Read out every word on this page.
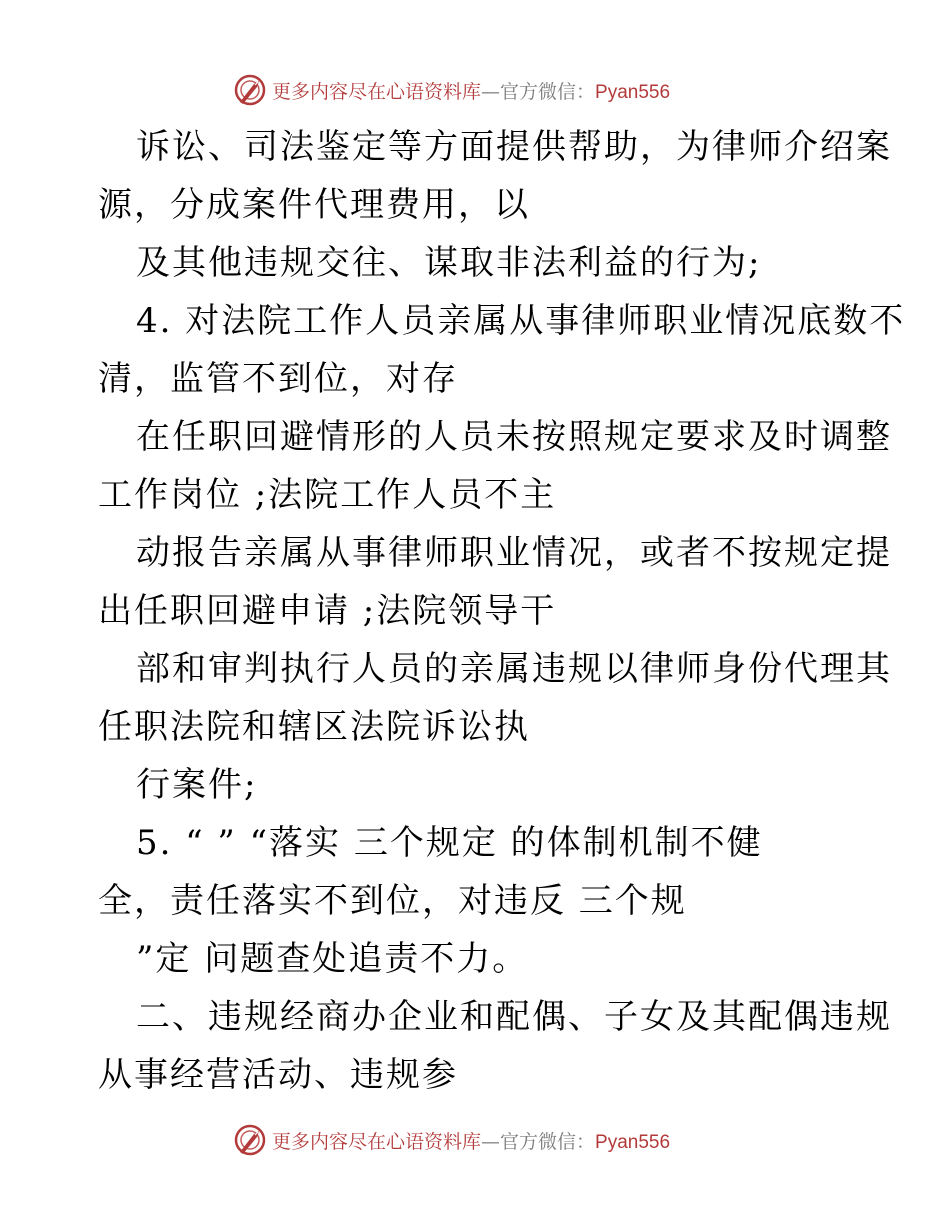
更多内容尽在心语资料库—官方微信：Pyan556
诉讼、司法鉴定等方面提供帮助，为律师介绍案
源，分成案件代理费用，以
及其他违规交往、谋取非法利益的行为;
4. 对法院工作人员亲属从事律师职业情况底数不
清，监管不到位，对存
在任职回避情形的人员未按照规定要求及时调整
工作岗位 ;法院工作人员不主
动报告亲属从事律师职业情况，或者不按规定提
出任职回避申请 ;法院领导干
部和审判执行人员的亲属违规以律师身份代理其
任职法院和辖区法院诉讼执
行案件;
5. “ ” “落实 三个规定 的体制机制不健
全，责任落实不到位，对违反 三个规
”定 问题查处追责不力。
二、违规经商办企业和配偶、子女及其配偶违规
从事经营活动、违规参
更多内容尽在心语资料库—官方微信：Pyan556
